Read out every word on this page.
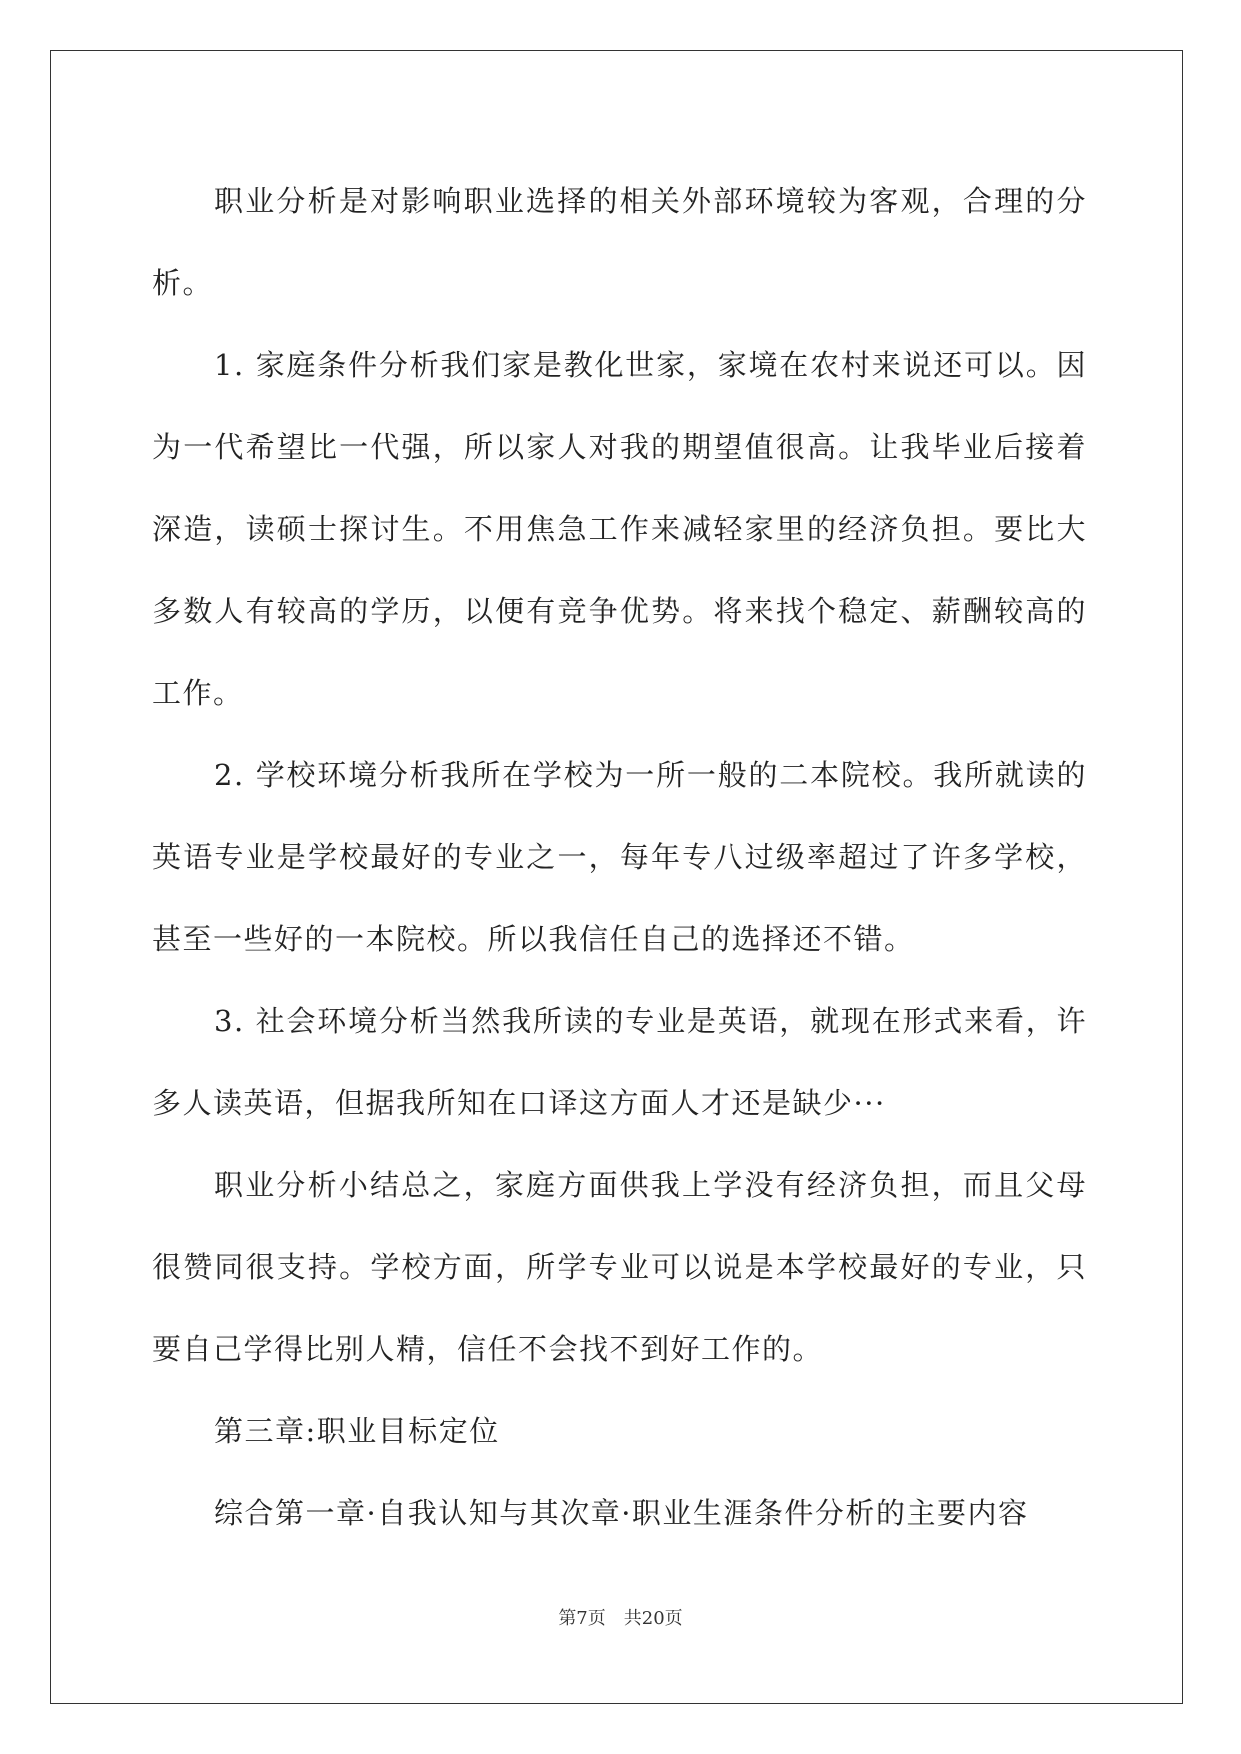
职业分析是对影响职业选择的相关外部环境较为客观，合理的分析。

1. 家庭条件分析我们家是教化世家，家境在农村来说还可以。因为一代希望比一代强，所以家人对我的期望值很高。让我毕业后接着深造，读硕士探讨生。不用焦急工作来减轻家里的经济负担。要比大多数人有较高的学历，以便有竞争优势。将来找个稳定、薪酬较高的工作。

2. 学校环境分析我所在学校为一所一般的二本院校。我所就读的英语专业是学校最好的专业之一，每年专八过级率超过了许多学校，甚至一些好的一本院校。所以我信任自己的选择还不错。

3. 社会环境分析当然我所读的专业是英语，就现在形式来看，许多人读英语，但据我所知在口译这方面人才还是缺少···

职业分析小结总之，家庭方面供我上学没有经济负担，而且父母很赞同很支持。学校方面，所学专业可以说是本学校最好的专业，只要自己学得比别人精，信任不会找不到好工作的。

第三章:职业目标定位

综合第一章·自我认知与其次章·职业生涯条件分析的主要内容

第7页　共20页
